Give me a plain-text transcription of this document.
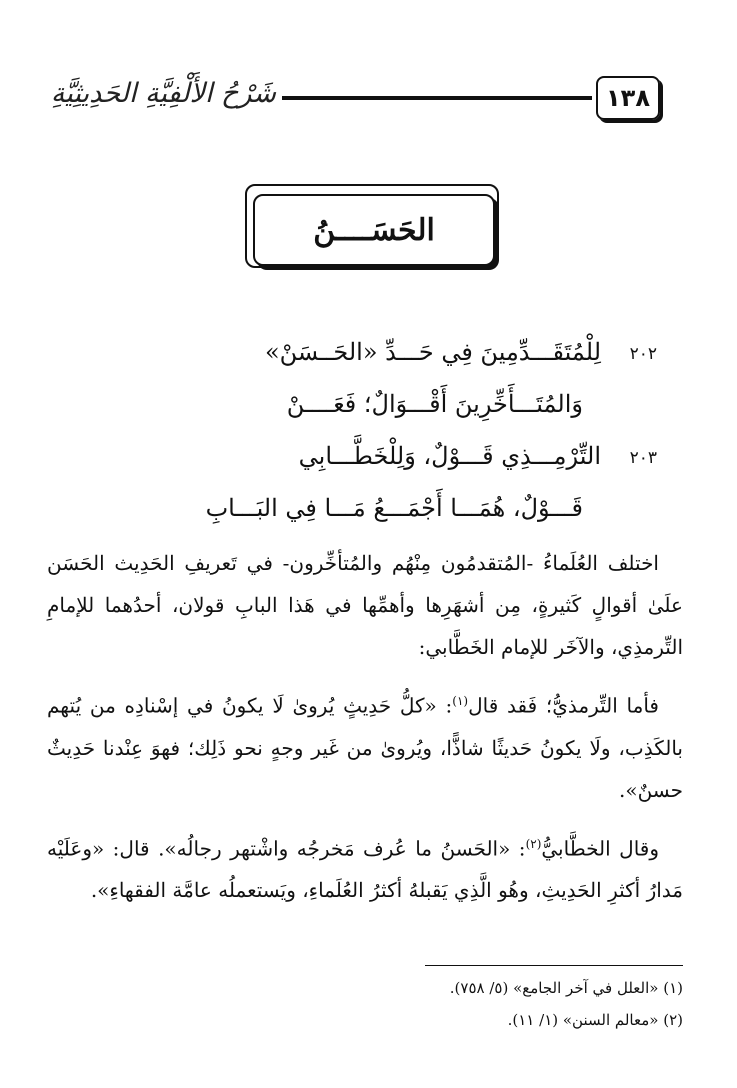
١٣٨
شَرْحُ الأَلْفِيَّةِ الحَدِيثِيَّةِ
الحَسَــــنُ
٢٠٢
لِلْمُتَقَـــدِّمِينَ فِي حَـــدِّ «الحَــسَنْ»
وَالمُتَـــأَخِّرِينَ أَقْـــوَالٌ؛ فَعَــــنْ
٢٠٣
التِّرْمِـــذِي قَـــوْلٌ، وَلِلْخَطَّـــابِي
قَـــوْلٌ، هُمَـــا أَجْمَـــعُ مَـــا فِي البَـــابِ

اختلف العُلَماءُ -المُتقدمُون مِنْهُم والمُتأخِّرون- في تَعريفِ الحَدِيث الحَسَن علَىٰ أقوالٍ كَثيرةٍ، مِن أشهَرِها وأهمِّها في هَذا البابِ قولان، أحدُهما للإمامِ التِّرمذِي، والآخَر للإمام الخَطَّابي:

فأما التِّرمذيُّ؛ فَقد قال$^{(١)}$: «كلُّ حَدِيثٍ يُروىٰ لَا يكونُ في إسْنادِه من يُتهم بالكَذِب، ولَا يكونُ حَديثًا شاذًّا، ويُروىٰ من غَير وجهٍ نحو ذَلِك؛ فهوَ عِنْدنا حَدِيثٌ حسنٌ».

وقال الخطَّابيُّ$^{(٢)}$: «الحَسنُ ما عُرف مَخرجُه واشْتهر رجالُه». قال: «وعَلَيْه مَدارُ أكثرِ الحَدِيثِ، وهُو الَّذِي يَقبلهُ أكثرُ العُلَماءِ، ويَستعملُه عامَّة الفقهاءِ».

(١) «العلل في آخر الجامع» (٥/ ٧٥٨).
(٢) «معالم السنن» (١/ ١١).
